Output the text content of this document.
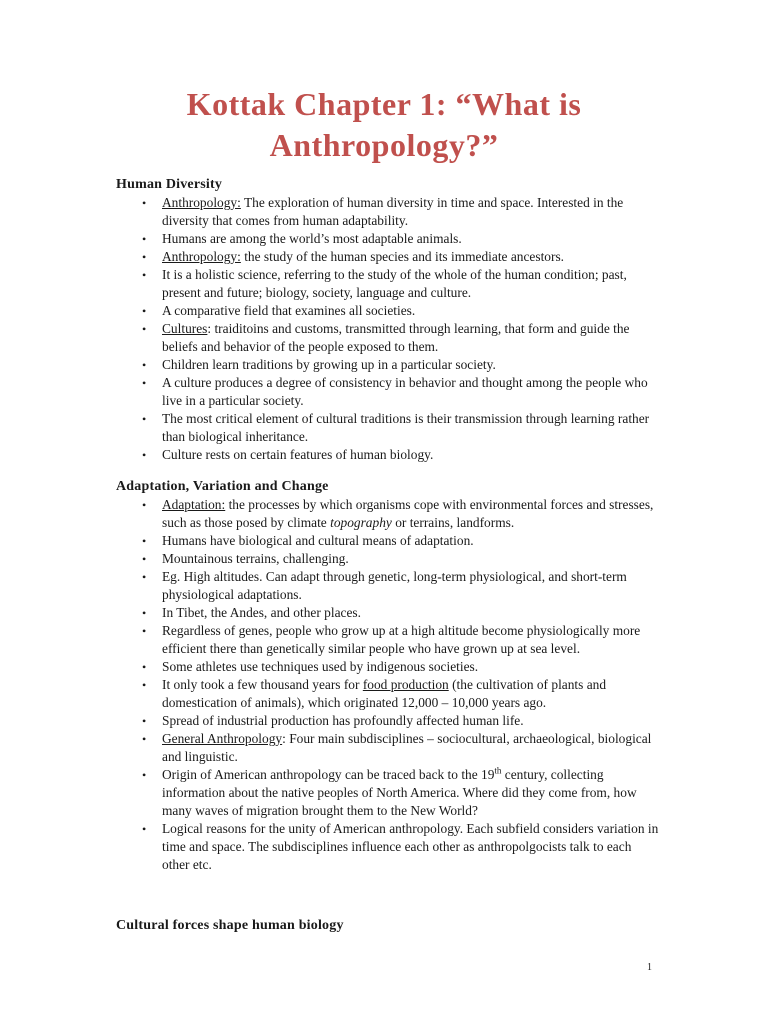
Kottak Chapter 1: “What is
Anthropology?”
Human Diversity
• Anthropology: The exploration of human diversity in time and space. Interested in the diversity that comes from human adaptability.
• Humans are among the world’s most adaptable animals.
• Anthropology: the study of the human species and its immediate ancestors.
• It is a holistic science, referring to the study of the whole of the human condition; past, present and future; biology, society, language and culture.
• A comparative field that examines all societies.
• Cultures: traiditoins and customs, transmitted through learning, that form and guide the beliefs and behavior of the people exposed to them.
• Children learn traditions by growing up in a particular society.
• A culture produces a degree of consistency in behavior and thought among the people who live in a particular society.
• The most critical element of cultural traditions is their transmission through learning rather than biological inheritance.
• Culture rests on certain features of human biology.
Adaptation, Variation and Change
• Adaptation: the processes by which organisms cope with environmental forces and stresses, such as those posed by climate topography or terrains, landforms.
• Humans have biological and cultural means of adaptation.
• Mountainous terrains, challenging.
• Eg. High altitudes. Can adapt through genetic, long-term physiological, and short-term physiological adaptations.
• In Tibet, the Andes, and other places.
• Regardless of genes, people who grow up at a high altitude become physiologically more efficient there than genetically similar people who have grown up at sea level.
• Some athletes use techniques used by indigenous societies.
• It only took a few thousand years for food production (the cultivation of plants and domestication of animals), which originated 12,000 – 10,000 years ago.
• Spread of industrial production has profoundly affected human life.
• General Anthropology: Four main subdisciplines – sociocultural, archaeological, biological and linguistic.
• Origin of American anthropology can be traced back to the 19th century, collecting information about the native peoples of North America. Where did they come from, how many waves of migration brought them to the New World?
• Logical reasons for the unity of American anthropology. Each subfield considers variation in time and space. The subdisciplines influence each other as anthropolgocists talk to each other etc.
Cultural forces shape human biology
1
